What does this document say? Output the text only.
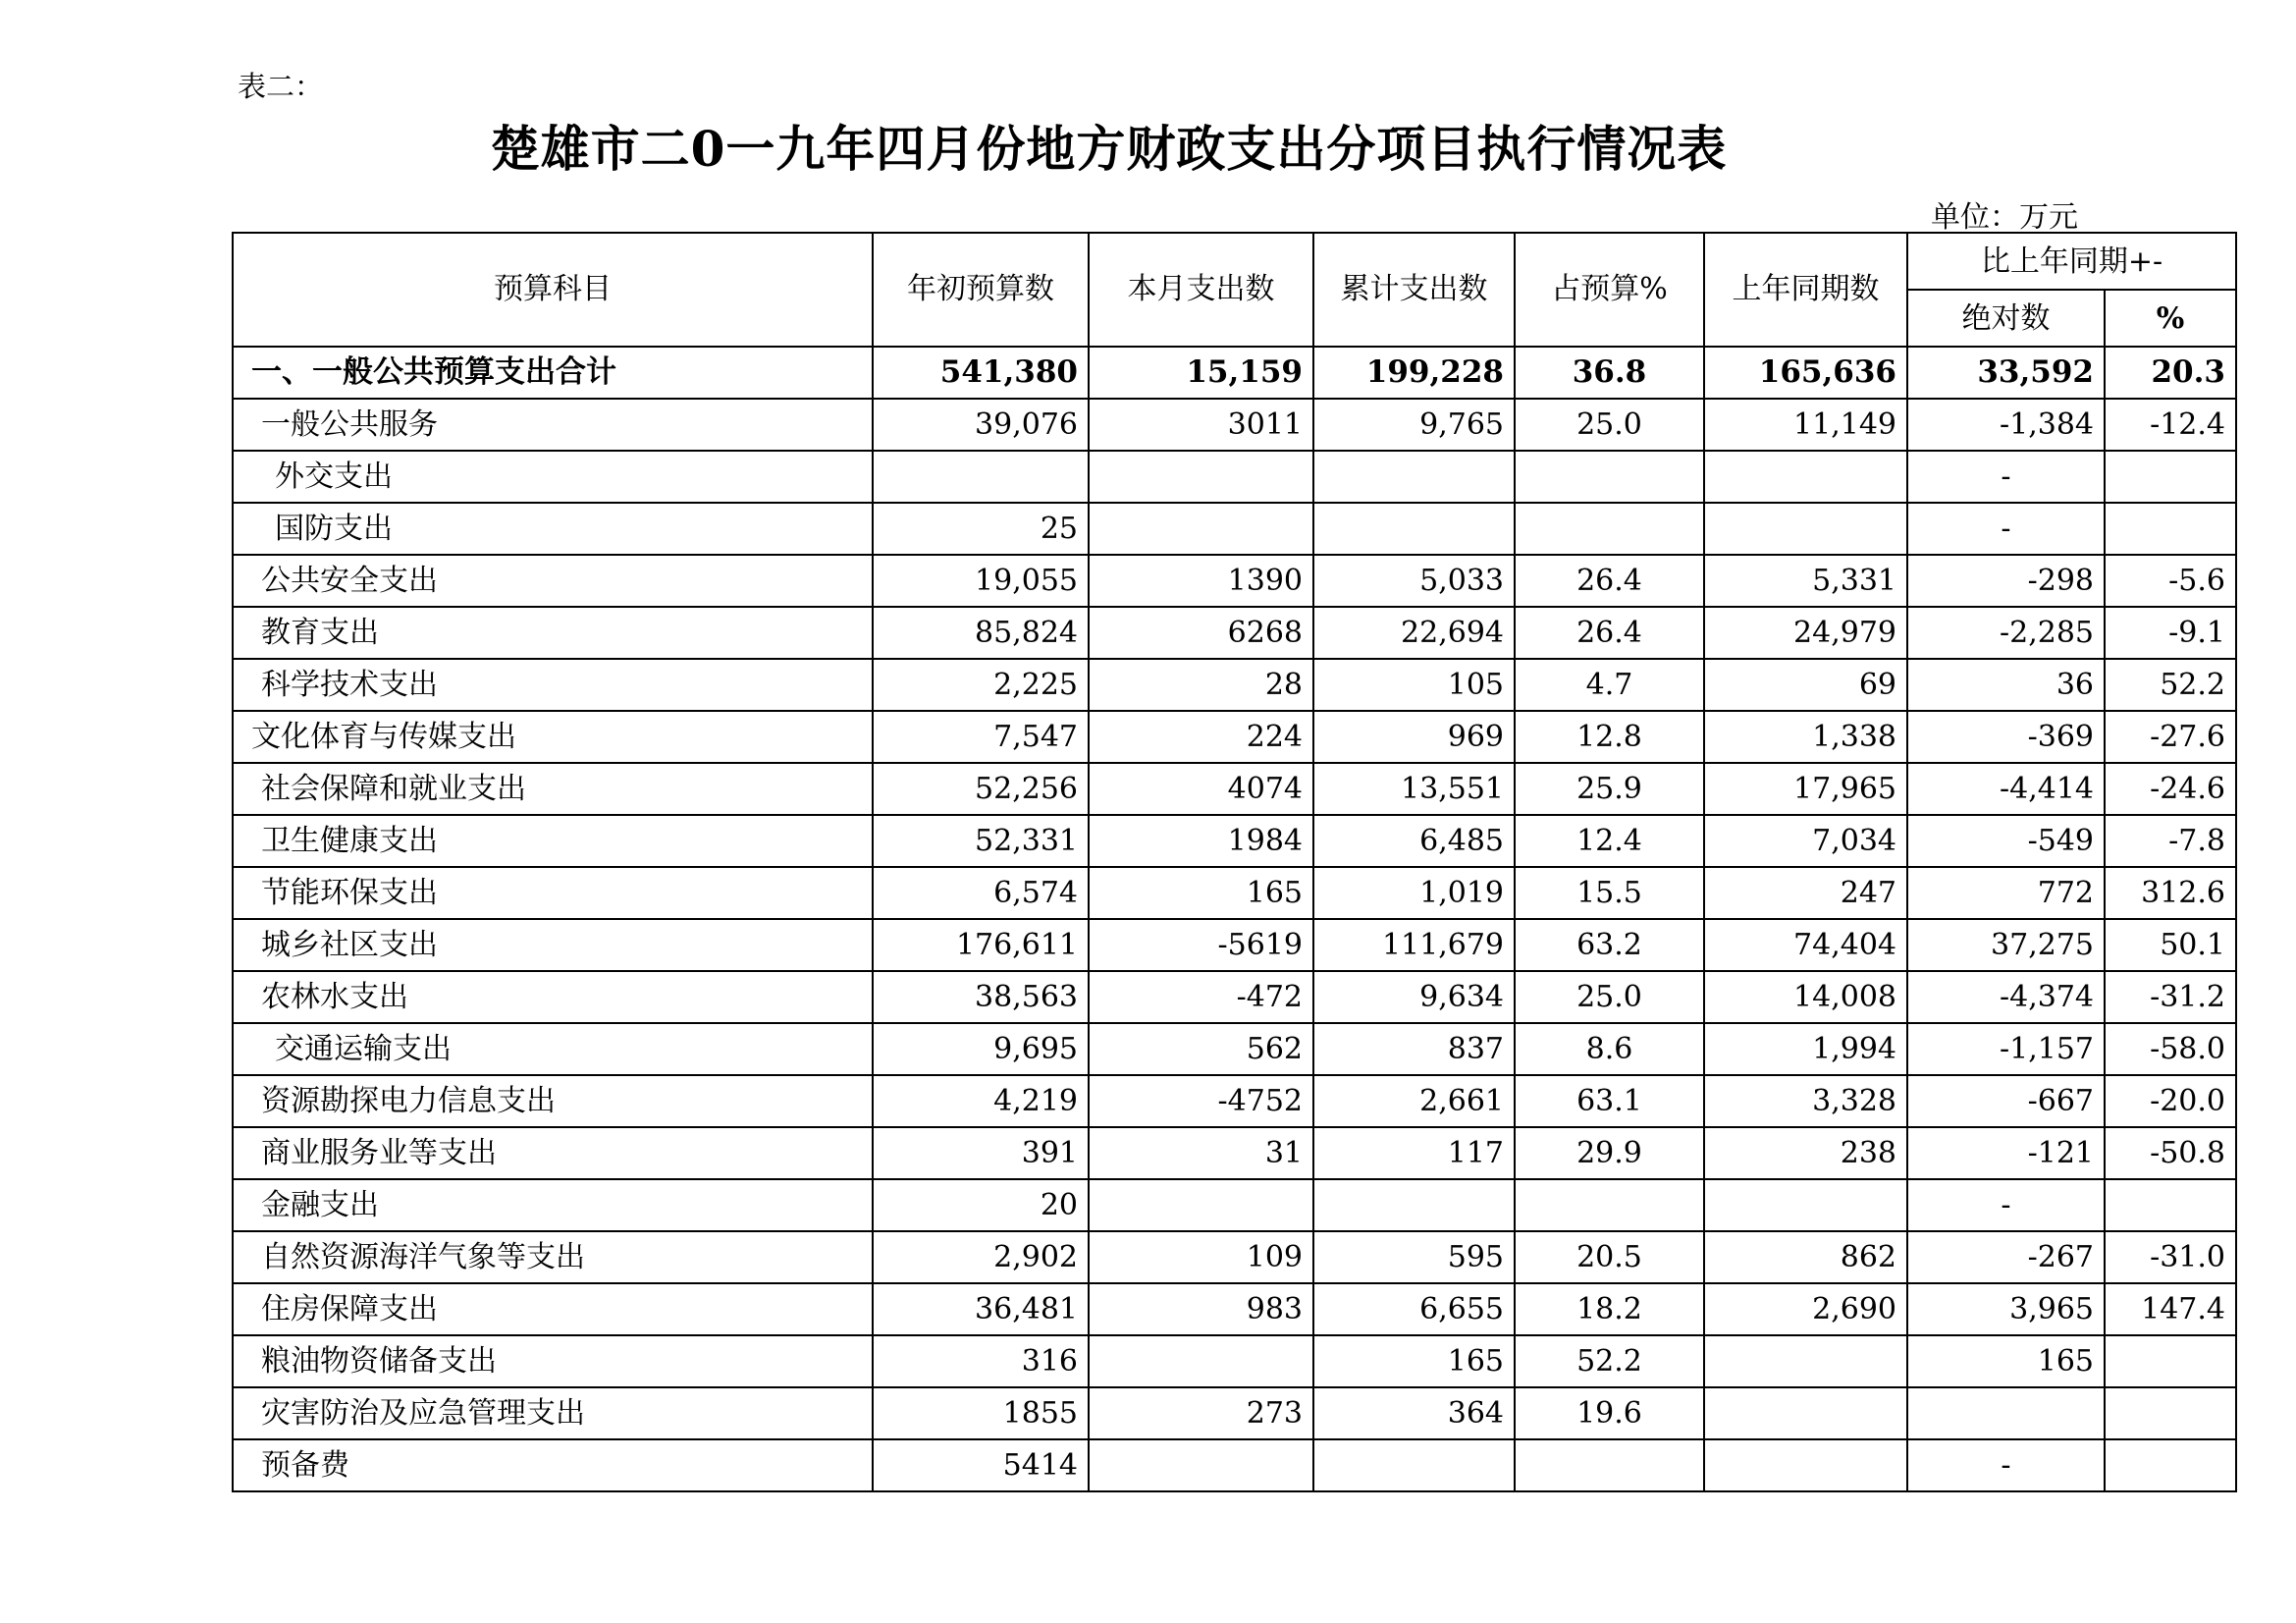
表二：
楚雄市二0一九年四月份地方财政支出分项目执行情况表
单位：万元
预算科目	年初预算数	本月支出数	累计支出数	占预算%	上年同期数	比上年同期+-	
						绝对数	%
一、一般公共预算支出合计	541,380	15,159	199,228	36.8	165,636	33,592	20.3
一般公共服务	39,076	3011	9,765	25.0	11,149	-1,384	-12.4
外交支出						-	
国防支出	25					-	
公共安全支出	19,055	1390	5,033	26.4	5,331	-298	-5.6
教育支出	85,824	6268	22,694	26.4	24,979	-2,285	-9.1
科学技术支出	2,225	28	105	4.7	69	36	52.2
文化体育与传媒支出	7,547	224	969	12.8	1,338	-369	-27.6
社会保障和就业支出	52,256	4074	13,551	25.9	17,965	-4,414	-24.6
卫生健康支出	52,331	1984	6,485	12.4	7,034	-549	-7.8
节能环保支出	6,574	165	1,019	15.5	247	772	312.6
城乡社区支出	176,611	-5619	111,679	63.2	74,404	37,275	50.1
农林水支出	38,563	-472	9,634	25.0	14,008	-4,374	-31.2
交通运输支出	9,695	562	837	8.6	1,994	-1,157	-58.0
资源勘探电力信息支出	4,219	-4752	2,661	63.1	3,328	-667	-20.0
商业服务业等支出	391	31	117	29.9	238	-121	-50.8
金融支出	20					-	
自然资源海洋气象等支出	2,902	109	595	20.5	862	-267	-31.0
住房保障支出	36,481	983	6,655	18.2	2,690	3,965	147.4
粮油物资储备支出	316		165	52.2		165	
灾害防治及应急管理支出	1855	273	364	19.6			
预备费	5414					-	
